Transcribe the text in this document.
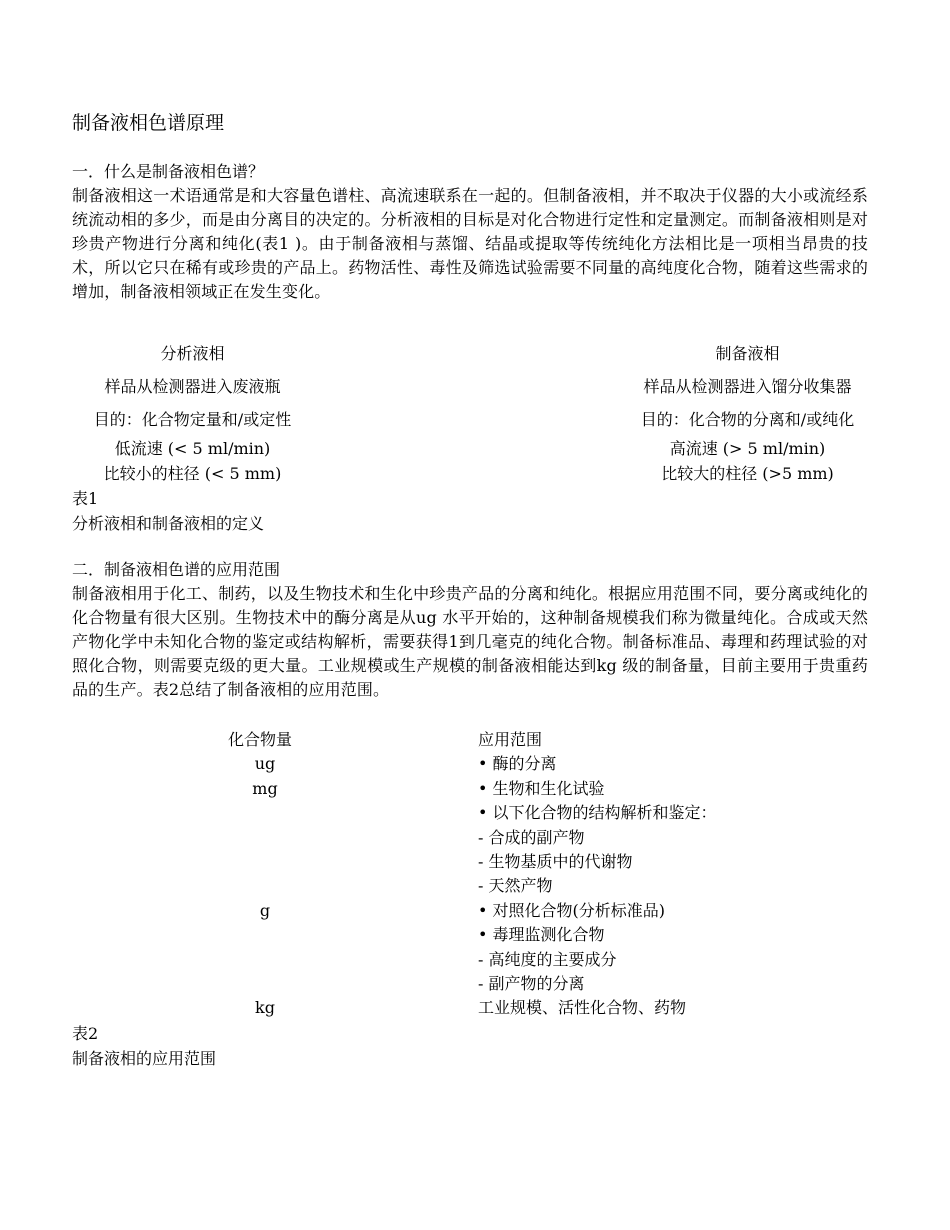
制备液相色谱原理
一．什么是制备液相色谱？

制备液相这一术语通常是和大容量色谱柱、高流速联系在一起的。但制备液相，并不取决于仪器的大小或流经系统流动相的多少，而是由分离目的决定的。分析液相的目标是对化合物进行定性和定量测定。而制备液相则是对珍贵产物进行分离和纯化(表1 )。由于制备液相与蒸馏、结晶或提取等传统纯化方法相比是一项相当昂贵的技术，所以它只在稀有或珍贵的产品上。药物活性、毒性及筛选试验需要不同量的高纯度化合物，随着这些需求的增加，制备液相领域正在发生变化。

分析液相	制备液相
样品从检测器进入废液瓶	样品从检测器进入馏分收集器
目的：化合物定量和/或定性	目的：化合物的分离和/或纯化
低流速 (< 5 ml/min)	高流速 (> 5 ml/min)
比较小的柱径 (< 5 mm)	比较大的柱径 (>5 mm)
表1
分析液相和制备液相的定义
二．制备液相色谱的应用范围

制备液相用于化工、制药，以及生物技术和生化中珍贵产品的分离和纯化。根据应用范围不同，要分离或纯化的化合物量有很大区别。生物技术中的酶分离是从ug 水平开始的，这种制备规模我们称为微量纯化。合成或天然产物化学中未知化合物的鉴定或结构解析，需要获得1到几毫克的纯化合物。制备标准品、毒理和药理试验的对照化合物，则需要克级的更大量。工业规模或生产规模的制备液相能达到kg 级的制备量，目前主要用于贵重药品的生产。表2总结了制备液相的应用范围。

化合物量	应用范围
ug	• 酶的分离
mg	• 生物和生化试验
• 以下化合物的结构解析和鉴定：
- 合成的副产物
- 生物基质中的代谢物
- 天然产物
g	• 对照化合物(分析标准品)
• 毒理监测化合物
- 高纯度的主要成分
- 副产物的分离
kg	工业规模、活性化合物、药物
表2
制备液相的应用范围
